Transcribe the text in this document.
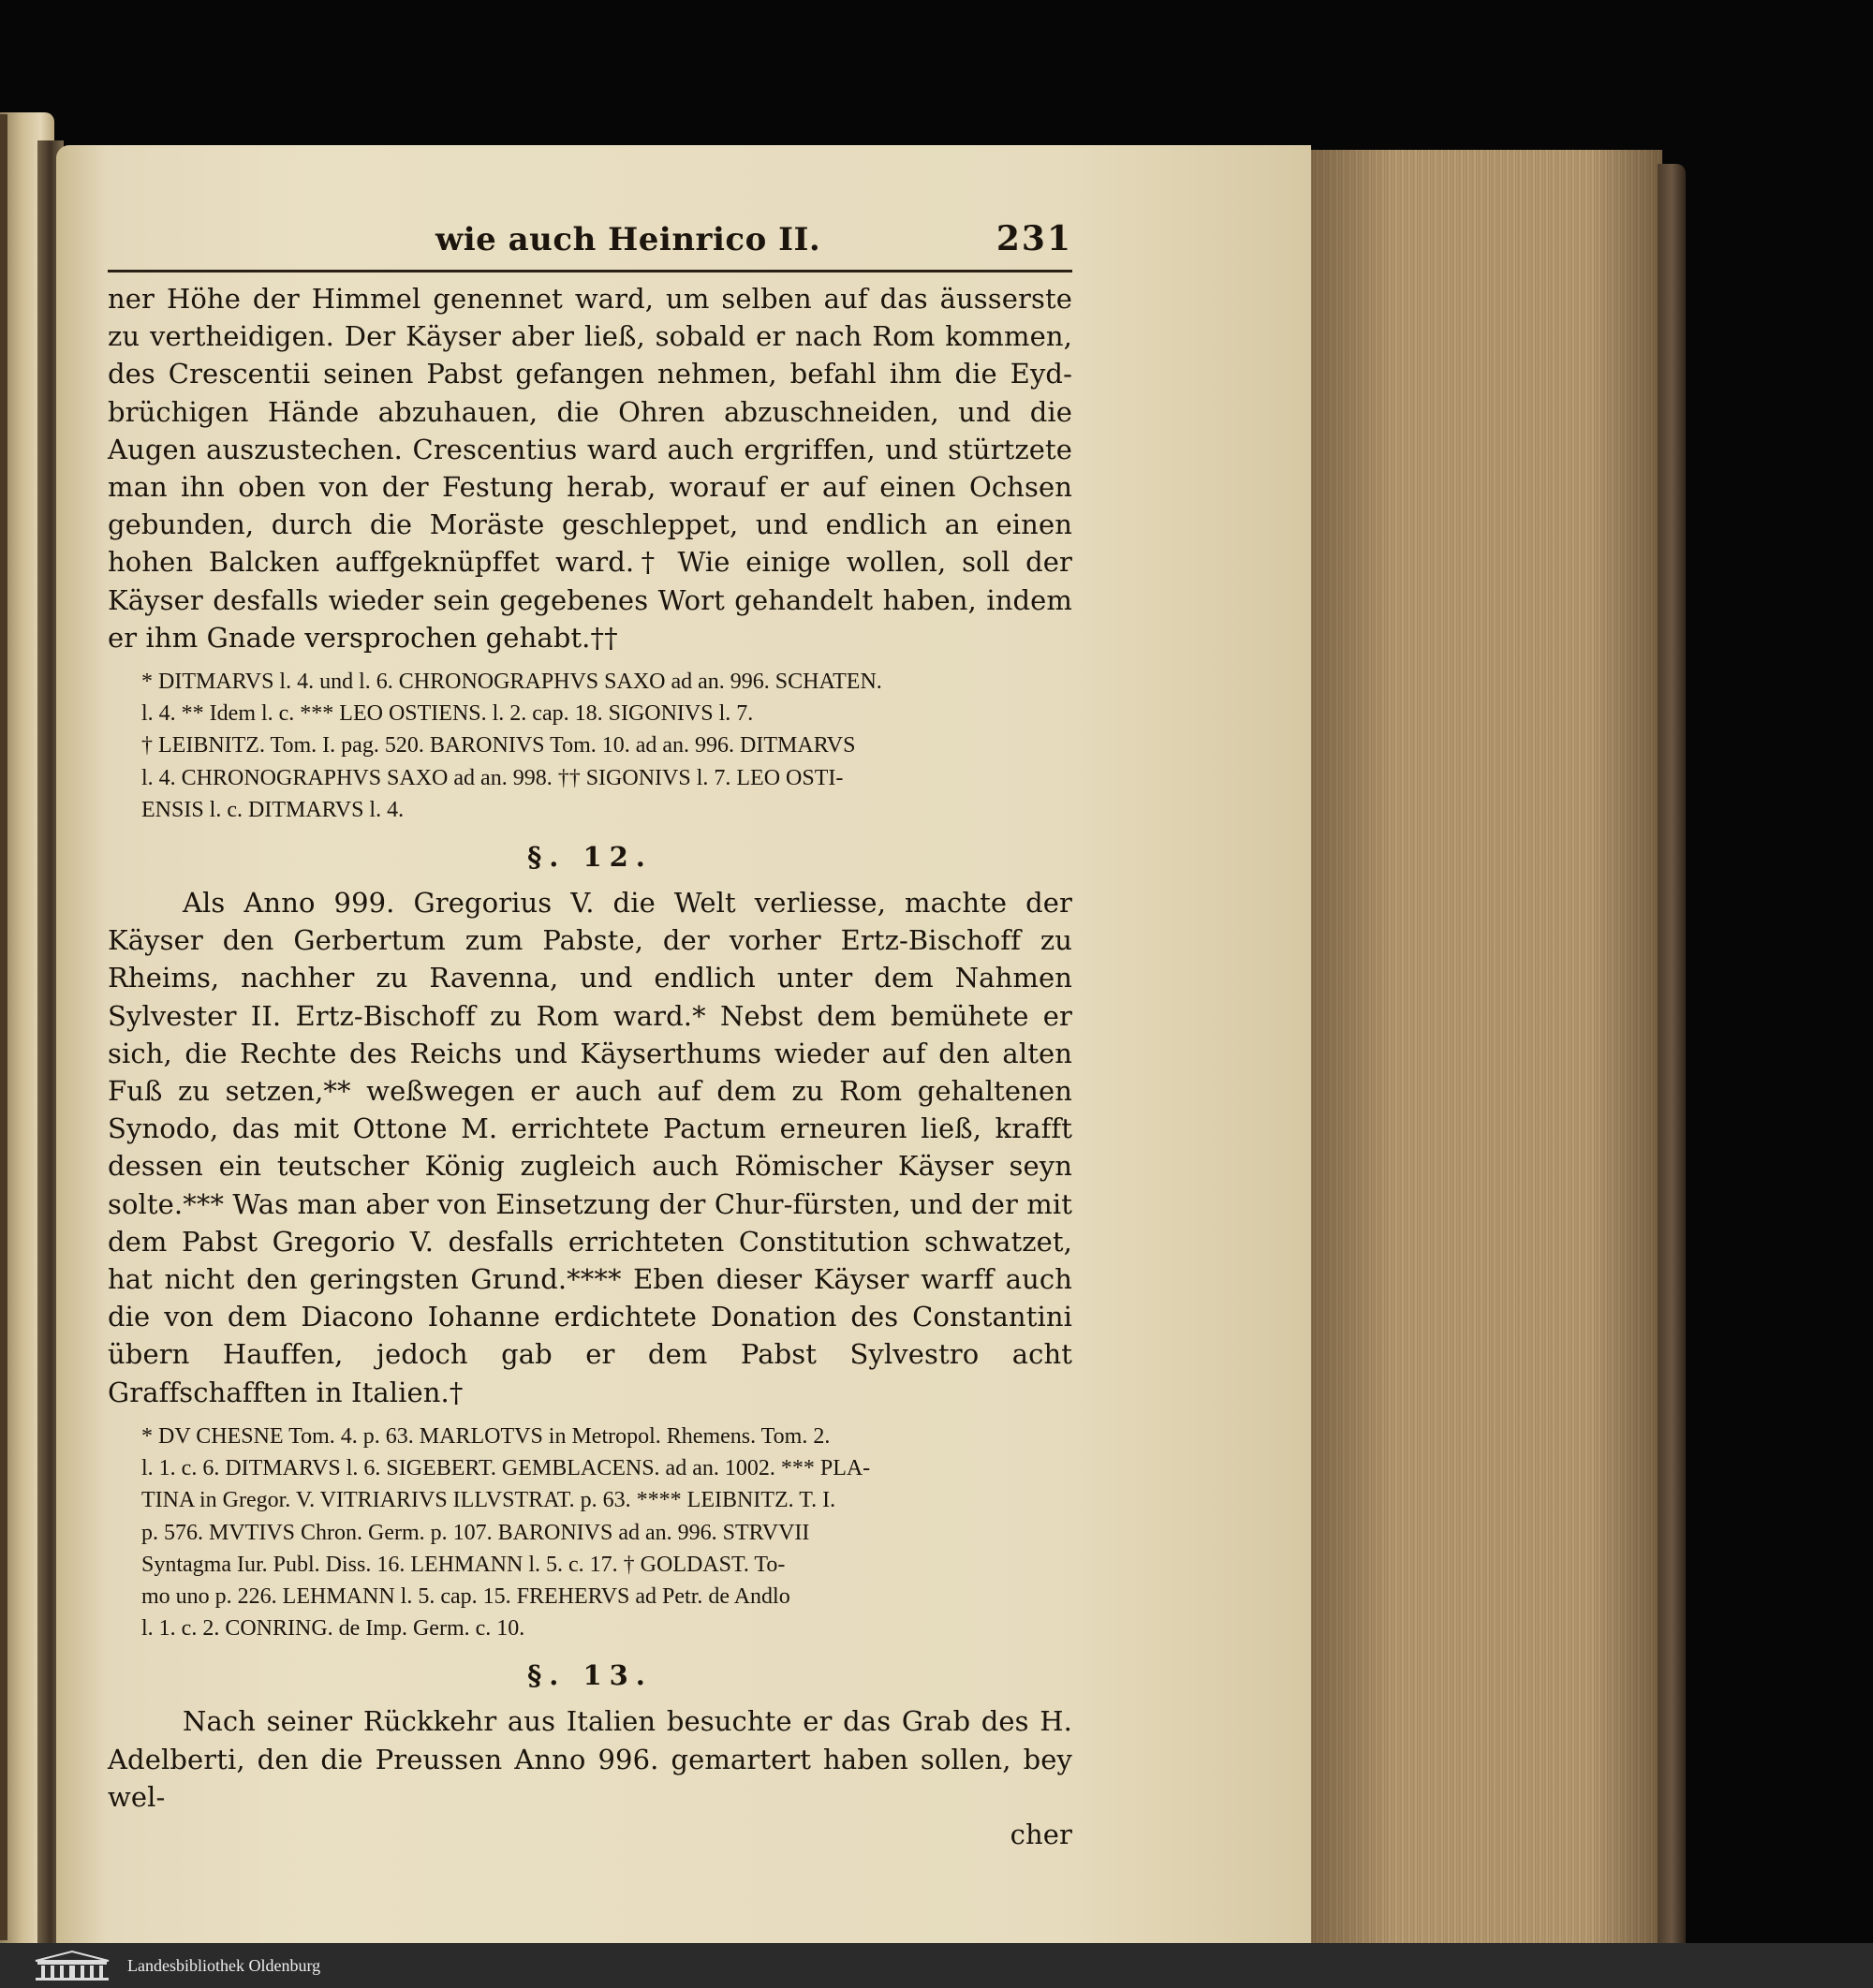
wie auch Heinrico II.	231

ner Höhe der Himmel genennet ward, um selben auf das äusserste zu vertheidigen. Der Käyser aber ließ, sobald er nach Rom kommen, des Crescentii seinen Pabst gefangen nehmen, befahl ihm die Eyd-brüchigen Hände abzuhauen, die Ohren abzuschneiden, und die Augen auszustechen. Crescentius ward auch ergriffen, und stürtzete man ihn oben von der Festung herab, worauf er auf einen Ochsen gebunden, durch die Moräste geschleppet, und endlich an einen hohen Balcken auffgeknüpffet ward.† Wie einige wollen, soll der Käyser desfalls wieder sein gegebenes Wort gehandelt haben, indem er ihm Gnade versprochen gehabt.††

* DITMARVS l. 4. und l. 6. CHRONOGRAPHVS SAXO ad an. 996. SCHATEN.
l. 4. ** Idem l. c. *** LEO OSTIENS. l. 2. cap. 18. SIGONIVS l. 7.
† LEIBNITZ. Tom. I. pag. 520. BARONIVS Tom. 10. ad an. 996. DITMARVS
l. 4. CHRONOGRAPHVS SAXO ad an. 998. †† SIGONIVS l. 7. LEO OSTI-
ENSIS l. c. DITMARVS l. 4.
§. 12.

Als Anno 999. Gregorius V. die Welt verliesse, machte der Käyser den Gerbertum zum Pabste, der vorher Ertz-Bischoff zu Rheims, nachher zu Ravenna, und endlich unter dem Nahmen Sylvester II. Ertz-Bischoff zu Rom ward.* Nebst dem bemühete er sich, die Rechte des Reichs und Käyserthums wieder auf den alten Fuß zu setzen,** weßwegen er auch auf dem zu Rom gehaltenen Synodo, das mit Ottone M. errichtete Pactum erneuren ließ, krafft dessen ein teutscher König zugleich auch Römischer Käyser seyn solte.*** Was man aber von Einsetzung der Chur-fürsten, und der mit dem Pabst Gregorio V. desfalls errichteten Constitution schwatzet, hat nicht den geringsten Grund.**** Eben dieser Käyser warff auch die von dem Diacono Iohanne erdichtete Donation des Constantini übern Hauffen, jedoch gab er dem Pabst Sylvestro acht Graffschafften in Italien.†

* DV CHESNE Tom. 4. p. 63. MARLOTVS in Metropol. Rhemens. Tom. 2.
l. 1. c. 6. DITMARVS l. 6. SIGEBERT. GEMBLACENS. ad an. 1002. *** PLA-
TINA in Gregor. V. VITRIARIVS ILLVSTRAT. p. 63. **** LEIBNITZ. T. I.
p. 576. MVTIVS Chron. Germ. p. 107. BARONIVS ad an. 996. STRVVII
Syntagma Iur. Publ. Diss. 16. LEHMANN l. 5. c. 17. † GOLDAST. To-
mo uno p. 226. LEHMANN l. 5. cap. 15. FREHERVS ad Petr. de Andlo
l. 1. c. 2. CONRING. de Imp. Germ. c. 10.
§. 13.

Nach seiner Rückkehr aus Italien besuchte er das Grab des H. Adelberti, den die Preussen Anno 996. gemartert haben sollen, bey wel-

cher
Landesbibliothek Oldenburg
